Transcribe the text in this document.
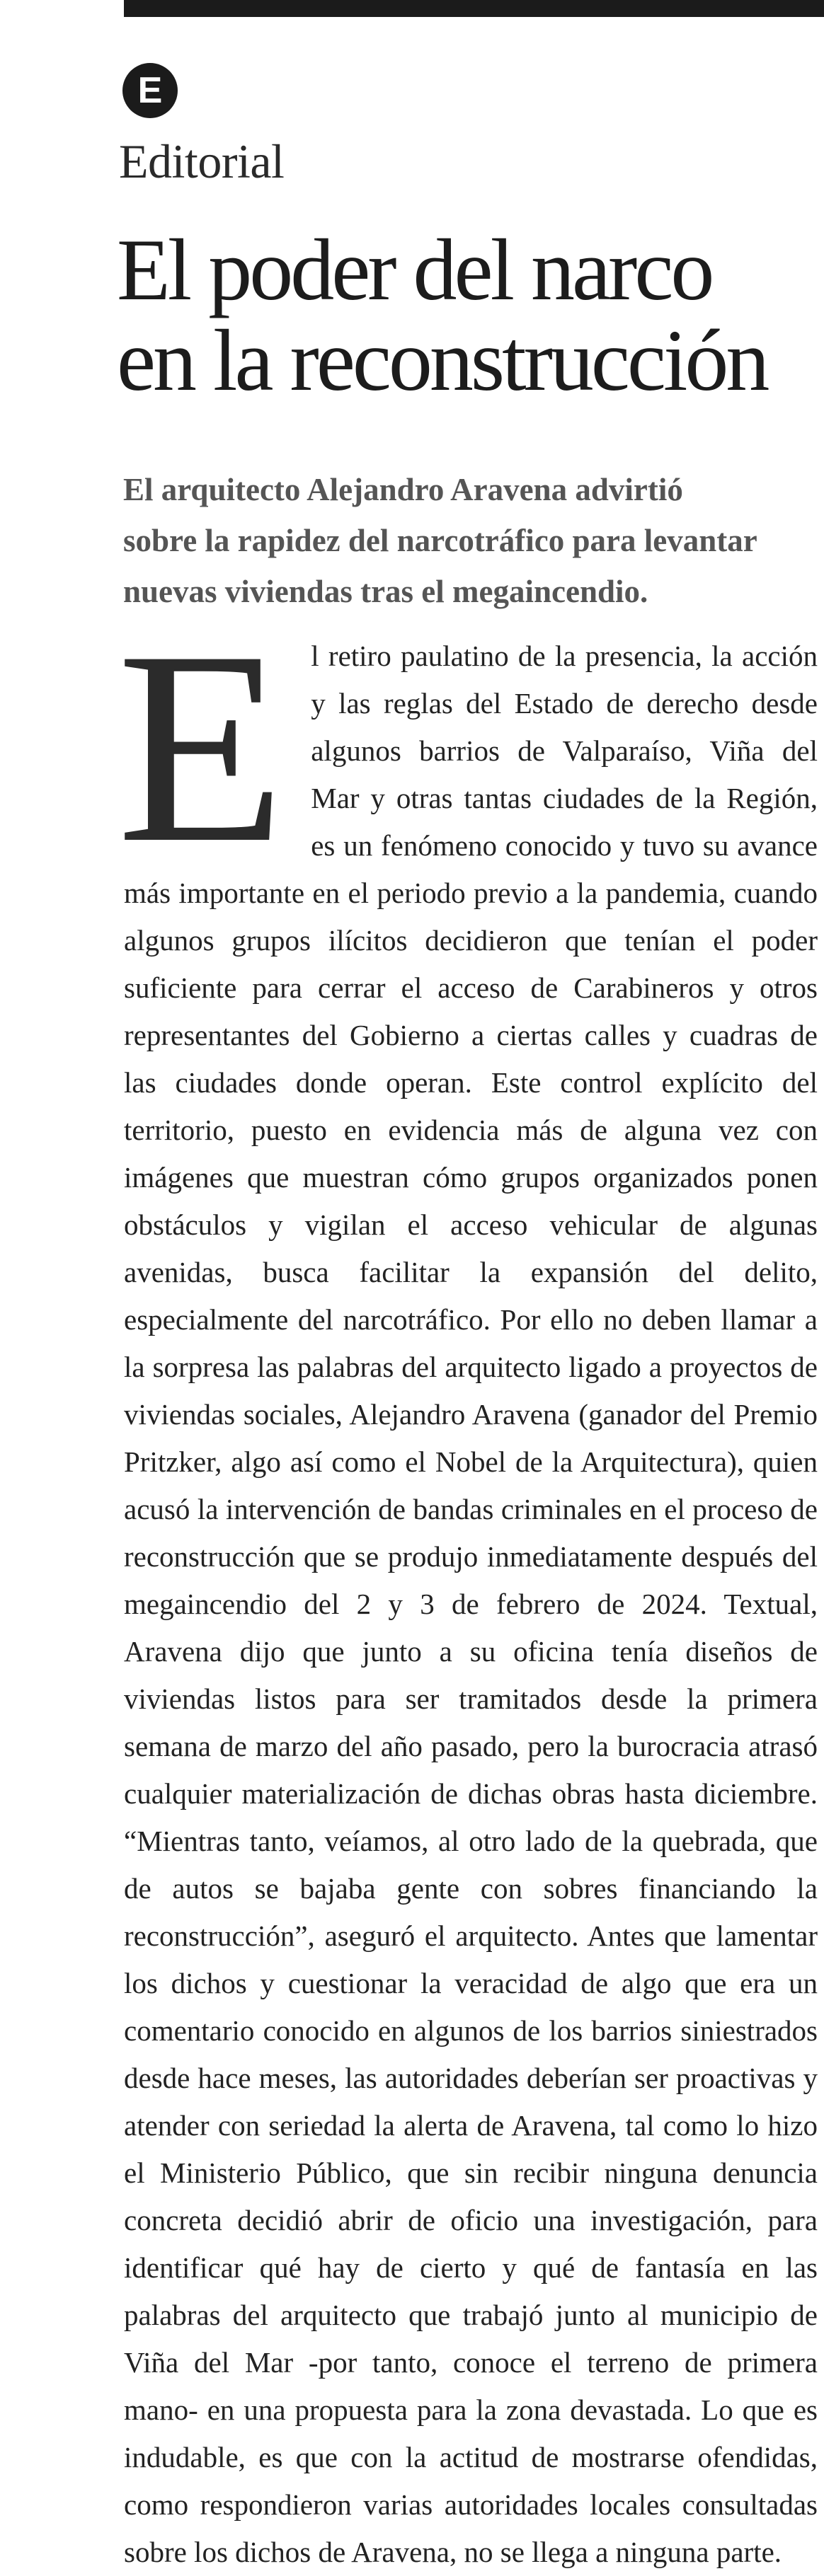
E
Editorial
El poder del narco
en la reconstrucción
El arquitecto Alejandro Aravena advirtió
sobre la rapidez del narcotráfico para levantar
nuevas viviendas tras el megaincendio.
E l retiro paulatino de la presencia, la acción y las reglas del Estado de derecho desde algunos barrios de Valparaíso, Viña del Mar y otras tantas ciudades de la Región, es un fenómeno conocido y tuvo su avance más importante en el periodo previo a la pandemia, cuando algunos grupos ilícitos decidieron que tenían el poder suficiente para cerrar el acceso de Carabineros y otros representantes del Gobierno a ciertas calles y cuadras de las ciudades donde operan. Este control explícito del territorio, puesto en evidencia más de alguna vez con imágenes que muestran cómo grupos organizados ponen obstáculos y vigilan el acceso vehicular de algunas avenidas, busca facilitar la expansión del delito, especialmente del narcotráfico. Por ello no deben llamar a la sorpresa las palabras del arquitecto ligado a proyectos de viviendas sociales, Alejandro Aravena (ganador del Premio Pritzker, algo así como el Nobel de la Arquitectura), quien acusó la intervención de bandas criminales en el proceso de reconstrucción que se produjo inmediatamente después del megaincendio del 2 y 3 de febrero de 2024. Textual, Aravena dijo que junto a su oficina tenía diseños de viviendas listos para ser tramitados desde la primera semana de marzo del año pasado, pero la burocracia atrasó cualquier materialización de dichas obras hasta diciembre. “Mientras tanto, veíamos, al otro lado de la quebrada, que de autos se bajaba gente con sobres financiando la reconstrucción”, aseguró el arquitecto. Antes que lamentar los dichos y cuestionar la veracidad de algo que era un comentario conocido en algunos de los barrios siniestrados desde hace meses, las autoridades deberían ser proactivas y atender con seriedad la alerta de Aravena, tal como lo hizo el Ministerio Público, que sin recibir ninguna denuncia concreta decidió abrir de oficio una investigación, para identificar qué hay de cierto y qué de fantasía en las palabras del arquitecto que trabajó junto al municipio de Viña del Mar -por tanto, conoce el terreno de primera mano- en una propuesta para la zona devastada. Lo que es indudable, es que con la actitud de mostrarse ofendidas, como respondieron varias autoridades locales consultadas sobre los dichos de Aravena, no se llega a ninguna parte.
